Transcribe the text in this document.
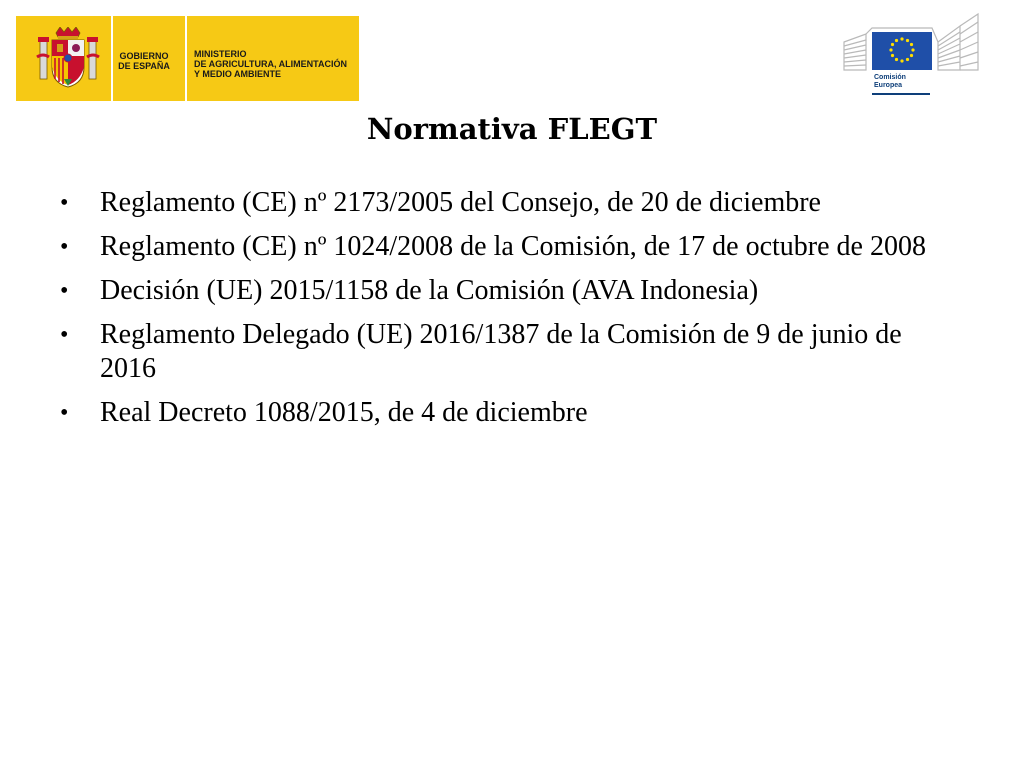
GOBIERNO
DE ESPAÑA
MINISTERIO
DE AGRICULTURA, ALIMENTACIÓN
Y MEDIO AMBIENTE	Comisión
Europea
Normativa FLEGT
•	Reglamento (CE) nº 2173/2005 del Consejo, de 20 de diciembre
•	Reglamento (CE) nº 1024/2008 de la Comisión, de 17 de octubre de 2008
•	Decisión (UE) 2015/1158 de la Comisión (AVA Indonesia)
•	Reglamento Delegado (UE) 2016/1387 de la Comisión de 9 de junio de 2016
•	Real Decreto 1088/2015, de 4 de diciembre
